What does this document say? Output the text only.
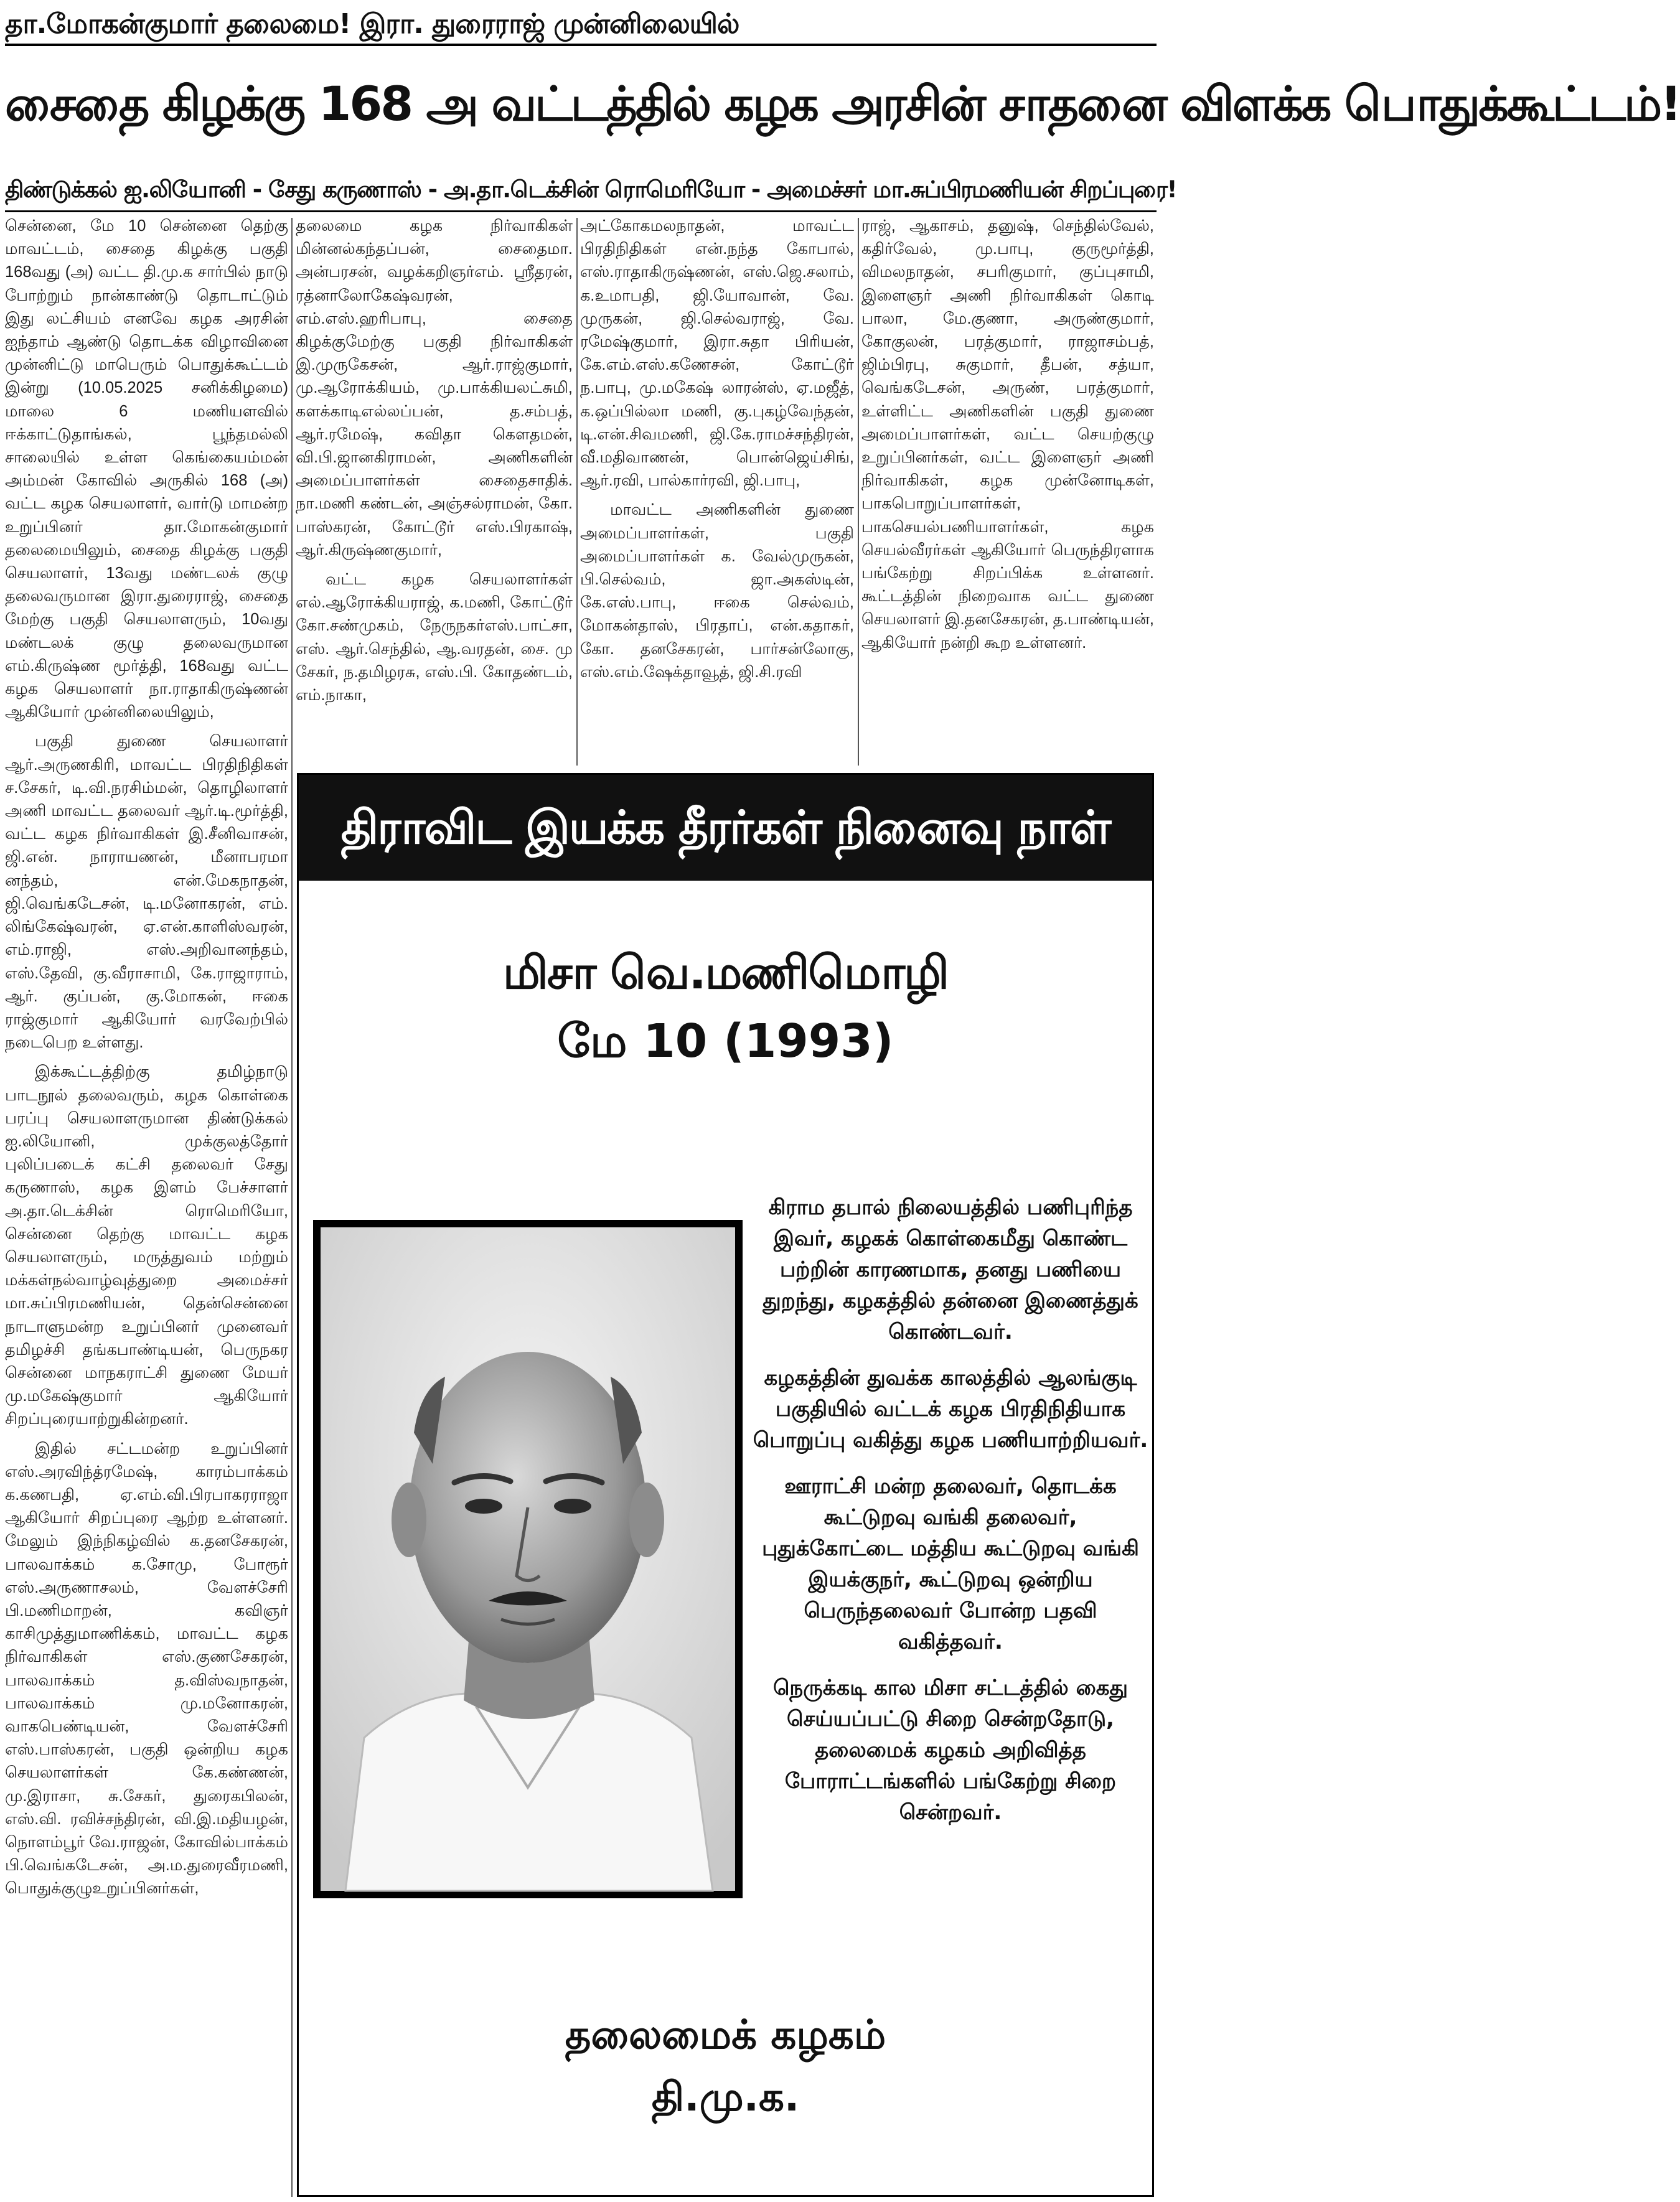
தா.மோகன்குமார் தலைமை! இரா. துரைராஜ் முன்னிலையில்
சைதை கிழக்கு 168 அ வட்டத்தில் கழக அரசின் சாதனை விளக்க பொதுக்கூட்டம்!
திண்டுக்கல் ஐ.லியோனி - சேது கருணாஸ் - அ.தா.டெக்சின் ரொமெரியோ - அமைச்சர் மா.சுப்பிரமணியன் சிறப்புரை!

சென்னை, மே 10 சென்னை தெற்கு மாவட்டம், சைதை கிழக்கு பகுதி 168வது (அ) வட்ட தி.மு.க சார்பில் நாடு போற்றும் நான்காண்டு தொடாட்டும் இது லட்சியம் எனவே கழக அரசின் ஐந்தாம் ஆண்டு தொடக்க விழாவினை முன்னிட்டு மாபெரும் பொதுக்கூட்டம் இன்று (10.05.2025 சனிக்கிழமை) மாலை 6 மணியளவில் ஈக்காட்டுதாங்கல், பூந்தமல்லி சாலையில் உள்ள கெங்கையம்மன் அம்மன் கோவில் அருகில் 168 (அ) வட்ட கழக செயலாளர், வார்டு மாமன்ற உறுப்பினர் தா.மோகன்குமார் தலைமையிலும், சைதை கிழக்கு பகுதி செயலாளர், 13வது மண்டலக் குழு தலைவருமான இரா.துரைராஜ், சைதை மேற்கு பகுதி செயலாளரும், 10வது மண்டலக் குழு தலைவருமான எம்.கிருஷ்ண மூர்த்தி, 168வது வட்ட கழக செயலாளர் நா.ராதாகிருஷ்ணன் ஆகியோர் முன்னிலையிலும்,

பகுதி துணை செயலாளர் ஆர்.அருணகிரி, மாவட்ட பிரதிநிதிகள் ச.சேகர், டி.வி.நரசிம்மன், தொழிலாளர் அணி மாவட்ட தலைவர் ஆர்.டி.மூர்த்தி, வட்ட கழக நிர்வாகிகள் இ.சீனிவாசன், ஜி.என். நாராயணன், மீனாபரமா னந்தம், என்.மேகநாதன், ஜி.வெங்கடேசன், டி.மனோகரன், எம். லிங்கேஷ்வரன், ஏ.என்.காளிஸ்வரன், எம்.ராஜி, எஸ்.அறிவானந்தம், எஸ்.தேவி, கு.வீராசாமி, கே.ராஜாராம், ஆர். குப்பன், கு.மோகன், ஈகை ராஜ்குமார் ஆகியோர் வரவேற்பில் நடைபெற உள்ளது.

இக்கூட்டத்திற்கு தமிழ்நாடு பாடநூல் தலைவரும், கழக கொள்கை பரப்பு செயலாளருமான திண்டுக்கல் ஐ.லியோனி, முக்குலத்தோர் புலிப்படைக் கட்சி தலைவர் சேது கருணாஸ், கழக இளம் பேச்சாளர் அ.தா.டெக்சின் ரொமெரியோ, சென்னை தெற்கு மாவட்ட கழக செயலாளரும், மருத்துவம் மற்றும் மக்கள்நல்வாழ்வுத்துறை அமைச்சர் மா.சுப்பிரமணியன், தென்சென்னை நாடாளுமன்ற உறுப்பினர் முனைவர் தமிழச்சி தங்கபாண்டியன், பெருநகர சென்னை மாநகராட்சி துணை மேயர் மு.மகேஷ்குமார் ஆகியோர் சிறப்புரையாற்றுகின்றனர்.

இதில் சட்டமன்ற உறுப்பினர் எஸ்.அரவிந்த்ரமேஷ், காரம்பாக்கம் க.கணபதி, ஏ.எம்.வி.பிரபாகரராஜா ஆகியோர் சிறப்புரை ஆற்ற உள்ளனர். மேலும் இந்நிகழ்வில் க.தனசேகரன், பாலவாக்கம் க.சோமு, போரூர் எஸ்.அருணாசலம், வேளச்சேரி பி.மணிமாறன், கவிஞர் காசிமுத்துமாணிக்கம், மாவட்ட கழக நிர்வாகிகள் எஸ்.குணசேகரன், பாலவாக்கம் த.விஸ்வநாதன், பாலவாக்கம் மு.மனோகரன், வாகபெண்டியன், வேளச்சேரி எஸ்.பாஸ்கரன், பகுதி ஒன்றிய கழக செயலாளர்கள் கே.கண்ணன், மு.இராசா, சு.சேகர், துரைகபிலன், எஸ்.வி. ரவிச்சந்திரன், வி.இ.மதியழன், நொளம்பூர் வே.ராஜன், கோவில்பாக்கம் பி.வெங்கடேசன், அ.ம.துரைவீரமணி, பொதுக்குழுஉறுப்பினர்கள்,

தலைமை கழக நிர்வாகிகள் மின்னல்கந்தப்பன், சைதைமா. அன்பரசன், வழக்கறிஞர்எம். ஸ்ரீதரன், ரத்னாலோகேஷ்வரன், எம்.எஸ்.ஹரிபாபு, சைதை கிழக்குமேற்கு பகுதி நிர்வாகிகள் இ.முருகேசன், ஆர்.ராஜ்குமார், மு.ஆரோக்கியம், மு.பாக்கியலட்சுமி, களக்காடிஎல்லப்பன், த.சம்பத், ஆர்.ரமேஷ், கவிதா கௌதமன், வி.பி.ஜானகிராமன், அணிகளின் அமைப்பாளர்கள் சைதைசாதிக். நா.மணி கண்டன், அஞ்சல்ராமன், கோ. பாஸ்கரன், கோட்டூர் எஸ்.பிரகாஷ், ஆர்.கிருஷ்ணகுமார்,

வட்ட கழக செயலாளர்கள் எல்.ஆரோக்கியராஜ், க.மணி, கோட்டூர் கோ.சண்முகம், நேருநகர்எஸ்.பாட்சா, எஸ். ஆர்.செந்தில், ஆ.வரதன், சை. மு சேகர், ந.தமிழரசு, எஸ்.பி. கோதண்டம், எம்.நாகா,

அட்கோகமலநாதன், மாவட்ட பிரதிநிதிகள் என்.நந்த கோபால், எஸ்.ராதாகிருஷ்ணன், எஸ்.ஜெ.சலாம், க.உமாபதி, ஜி.யோவான், வே. முருகன், ஜி.செல்வராஜ், வே. ரமேஷ்குமார், இரா.சுதா பிரியன், கே.எம்.எஸ்.கணேசன், கோட்டூர் ந.பாபு, மு.மகேஷ் லாரன்ஸ், ஏ.மஜீத், க.ஒப்பில்லா மணி, கு.புகழ்வேந்தன், டி.என்.சிவமணி, ஜி.கே.ராமச்சந்திரன், வீ.மதிவாணன், பொன்ஜெய்சிங், ஆர்.ரவி, பால்கார்ரவி, ஜி.பாபு,

மாவட்ட அணிகளின் துணை அமைப்பாளர்கள், பகுதி அமைப்பாளர்கள் க. வேல்முருகன், பி.செல்வம், ஜா.அகஸ்டின், கே.எஸ்.பாபு, ஈகை செல்வம், மோகன்தாஸ், பிரதாப், என்.கதாகர், கோ. தனசேகரன், பார்சன்லோகு, எஸ்.எம்.ஷேக்தாவூத், ஜி.சி.ரவி

ராஜ், ஆகாசம், தனுஷ், செந்தில்வேல், கதிர்வேல், மு.பாபு, குருமூர்த்தி, விமலநாதன், சபரிகுமார், குப்புசாமி, இளைஞர் அணி நிர்வாகிகள் கொடி பாலா, மே.குணா, அருண்குமார், கோகுலன், பரத்குமார், ராஜாசம்பத், ஜிம்பிரபு, சுகுமார், தீபன், சத்யா, வெங்கடேசன், அருண், பரத்குமார், உள்ளிட்ட அணிகளின் பகுதி துணை அமைப்பாளர்கள், வட்ட செயற்குழு உறுப்பினர்கள், வட்ட இளைஞர் அணி நிர்வாகிகள், கழக முன்னோடிகள், பாகபொறுப்பாளர்கள், பாகசெயல்பணியாளர்கள், கழக செயல்வீரர்கள் ஆகியோர் பெருந்திரளாக பங்கேற்று சிறப்பிக்க உள்ளனர். கூட்டத்தின் நிறைவாக வட்ட துணை செயலாளர் இ.தனசேகரன், த.பாண்டியன், ஆகியோர் நன்றி கூற உள்ளனர்.

திராவிட இயக்க தீரர்கள் நினைவு நாள்
மிசா வெ.மணிமொழி
மே 10 (1993)

கிராம தபால் நிலையத்தில் பணிபுரிந்த இவர், கழகக் கொள்கைமீது கொண்ட பற்றின் காரணமாக, தனது பணியை துறந்து, கழகத்தில் தன்னை இணைத்துக் கொண்டவர்.

கழகத்தின் துவக்க காலத்தில் ஆலங்குடி பகுதியில் வட்டக் கழக பிரதிநிதியாக பொறுப்பு வகித்து கழக பணியாற்றியவர்.

ஊராட்சி மன்ற தலைவர், தொடக்க கூட்டுறவு வங்கி தலைவர், புதுக்கோட்டை மத்திய கூட்டுறவு வங்கி இயக்குநர், கூட்டுறவு ஒன்றிய பெருந்தலைவர் போன்ற பதவி வகித்தவர்.

நெருக்கடி கால மிசா சட்டத்தில் கைது செய்யப்பட்டு சிறை சென்றதோடு, தலைமைக் கழகம் அறிவித்த போராட்டங்களில் பங்கேற்று சிறை சென்றவர்.

தலைமைக் கழகம்
தி.மு.க.
